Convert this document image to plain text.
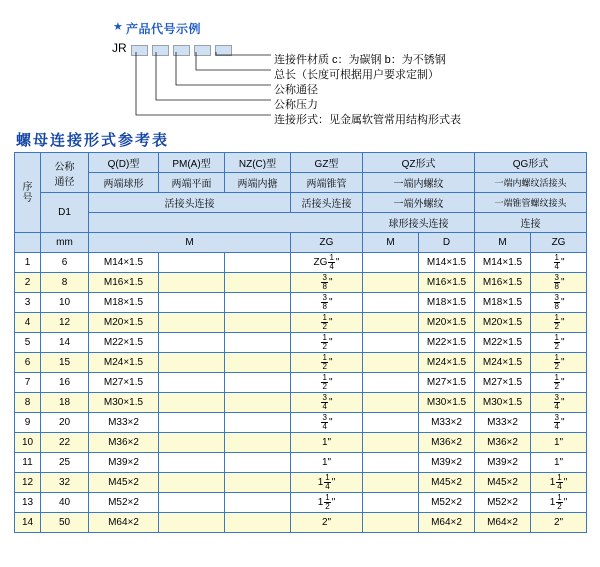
★ 产品代号示例
JR
连接件材质 c：为碳钢 b：为不锈钢
总长（长度可根据用户要求定制）
公称通径
公称压力
连接形式：见金属软管常用结构形式表
螺母连接形式参考表
序
号	公称
通径	Q(D)型	PM(A)型	NZ(C)型	GZ型	QZ形式		QG形式	
		两端球形	两端平面	两端内搪	两端锥管	一端内螺纹		一端内螺纹活接头	
	D1	活接头连接			活接头连接	一端外螺纹		一端锥管螺纹接头	
						球形接头连接		连接	
	mm	M			ZG	M	D	M	ZG
1	6	M14×1.5			ZG $\frac{1}{4}$ "		M14×1.5	M14×1.5	$\frac{1}{4}$ "

2	8	M16×1.5			$\frac{3}{8}$ "		M16×1.5	M16×1.5	$\frac{3}{8}$ "

3	10	M18×1.5			$\frac{3}{8}$ "		M18×1.5	M18×1.5	$\frac{3}{8}$ "

4	12	M20×1.5			$\frac{1}{2}$ "		M20×1.5	M20×1.5	$\frac{1}{2}$ "

5	14	M22×1.5			$\frac{1}{2}$ "		M22×1.5	M22×1.5	$\frac{1}{2}$ "

6	15	M24×1.5			$\frac{1}{2}$ "		M24×1.5	M24×1.5	$\frac{1}{2}$ "

7	16	M27×1.5			$\frac{1}{2}$ "		M27×1.5	M27×1.5	$\frac{1}{2}$ "

8	18	M30×1.5			$\frac{3}{4}$ "		M30×1.5	M30×1.5	$\frac{3}{4}$ "

9	20	M33×2			$\frac{3}{4}$ "		M33×2	M33×2	$\frac{3}{4}$ "

10	22	M36×2			1"		M36×2	M36×2	1"
11	25	M39×2			1"		M39×2	M39×2	1"
12	32	M45×2			$1 \frac{1}{4}$ "		M45×2	M45×2	$1 \frac{1}{4}$ "

13	40	M52×2			$1 \frac{1}{2}$ "		M52×2	M52×2	$1 \frac{1}{2}$ "

14	50	M64×2			2"		M64×2	M64×2	2"
